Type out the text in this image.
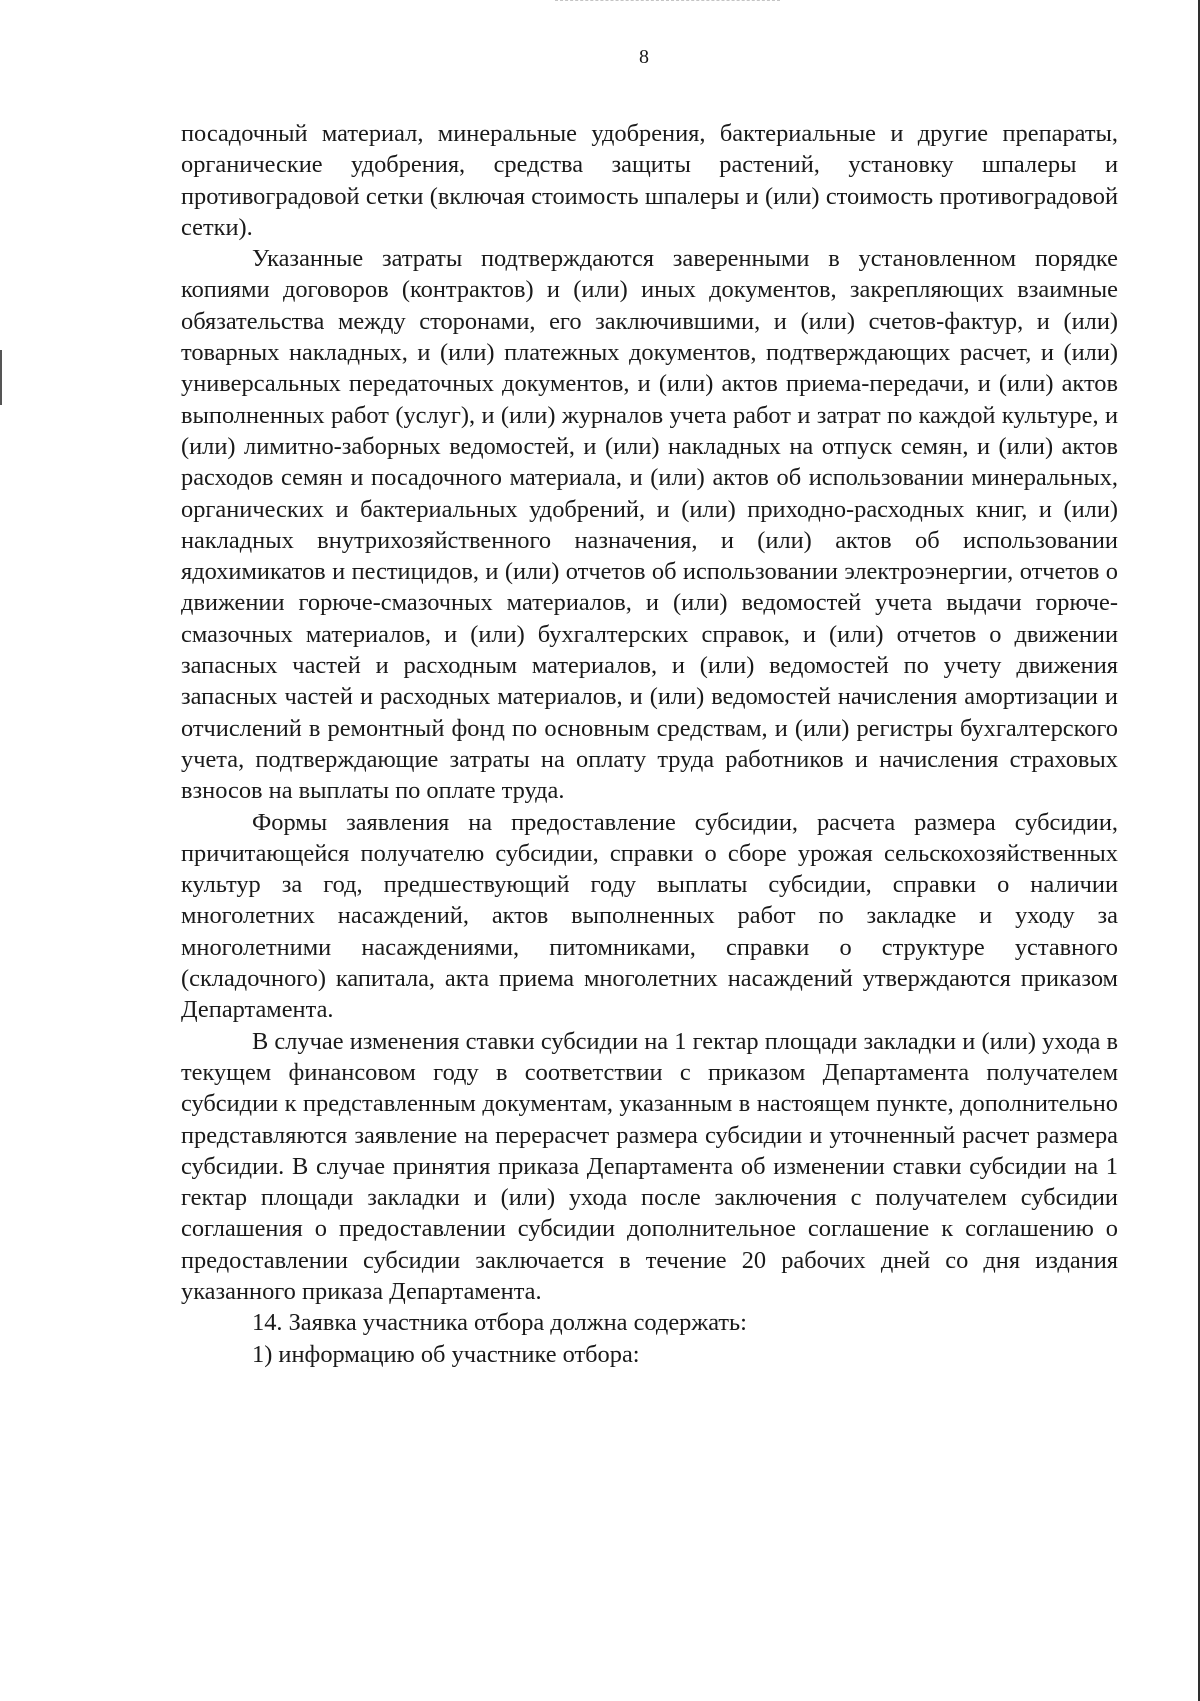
8

посадочный материал, минеральные удобрения, бактериальные и другие препараты, органические удобрения, средства защиты растений, установку шпалеры и противоградовой сетки (включая стоимость шпалеры и (или) стоимость противоградовой сетки).

Указанные затраты подтверждаются заверенными в установленном порядке копиями договоров (контрактов) и (или) иных документов, закрепляющих взаимные обязательства между сторонами, его заключившими, и (или) счетов-фактур, и (или) товарных накладных, и (или) платежных документов, подтверждающих расчет, и (или) универсальных передаточных документов, и (или) актов приема-передачи, и (или) актов выполненных работ (услуг), и (или) журналов учета работ и затрат по каждой культуре, и (или) лимитно-заборных ведомостей, и (или) накладных на отпуск семян, и (или) актов расходов семян и посадочного материала, и (или) актов об использовании минеральных, органических и бактериальных удобрений, и (или) приходно-расходных книг, и (или) накладных внутрихозяйственного назначения, и (или) актов об использовании ядохимикатов и пестицидов, и (или) отчетов об использовании электроэнергии, отчетов о движении горюче-смазочных материалов, и (или) ведомостей учета выдачи горюче-смазочных материалов, и (или) бухгалтерских справок, и (или) отчетов о движении запасных частей и расходным материалов, и (или) ведомостей по учету движения запасных частей и расходных материалов, и (или) ведомостей начисления амортизации и отчислений в ремонтный фонд по основным средствам, и (или) регистры бухгалтерского учета, подтверждающие затраты на оплату труда работников и начисления страховых взносов на выплаты по оплате труда.

Формы заявления на предоставление субсидии, расчета размера субсидии, причитающейся получателю субсидии, справки о сборе урожая сельскохозяйственных культур за год, предшествующий году выплаты субсидии, справки о наличии многолетних насаждений, актов выполненных работ по закладке и уходу за многолетними насаждениями, питомниками, справки о структуре уставного (складочного) капитала, акта приема многолетних насаждений утверждаются приказом Департамента.

В случае изменения ставки субсидии на 1 гектар площади закладки и (или) ухода в текущем финансовом году в соответствии с приказом Департамента получателем субсидии к представленным документам, указанным в настоящем пункте, дополнительно представляются заявление на перерасчет размера субсидии и уточненный расчет размера субсидии. В случае принятия приказа Департамента об изменении ставки субсидии на 1 гектар площади закладки и (или) ухода после заключения с получателем субсидии соглашения о предоставлении субсидии дополнительное соглашение к соглашению о предоставлении субсидии заключается в течение 20 рабочих дней со дня издания указанного приказа Департамента.

14. Заявка участника отбора должна содержать:

1) информацию об участнике отбора:
